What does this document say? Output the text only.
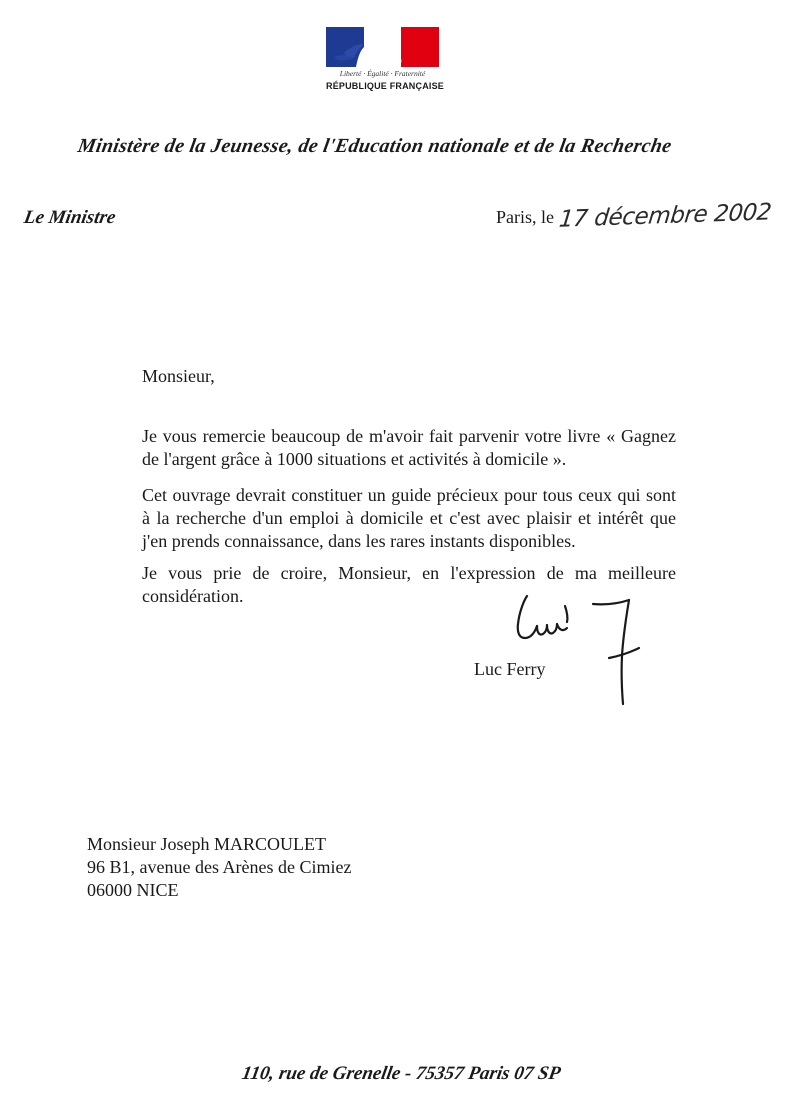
Liberté · Égalité · Fraternité
RÉPUBLIQUE FRANÇAISE
Ministère de la Jeunesse, de l'Education nationale et de la Recherche
Le Ministre	Paris, le 17 décembre 2002
Monsieur,
Je vous remercie beaucoup de m'avoir fait parvenir votre livre « Gagnez de l'argent grâce à 1000 situations et activités à domicile ».
Cet ouvrage devrait constituer un guide précieux pour tous ceux qui sont à la recherche d'un emploi à domicile et c'est avec plaisir et intérêt que j'en prends connaissance, dans les rares instants disponibles.
Je vous prie de croire, Monsieur, en l'expression de ma meilleure considération.
Luc Ferry
Monsieur Joseph MARCOULET
96 B1, avenue des Arènes de Cimiez
06000 NICE
110, rue de Grenelle - 75357 Paris 07 SP
